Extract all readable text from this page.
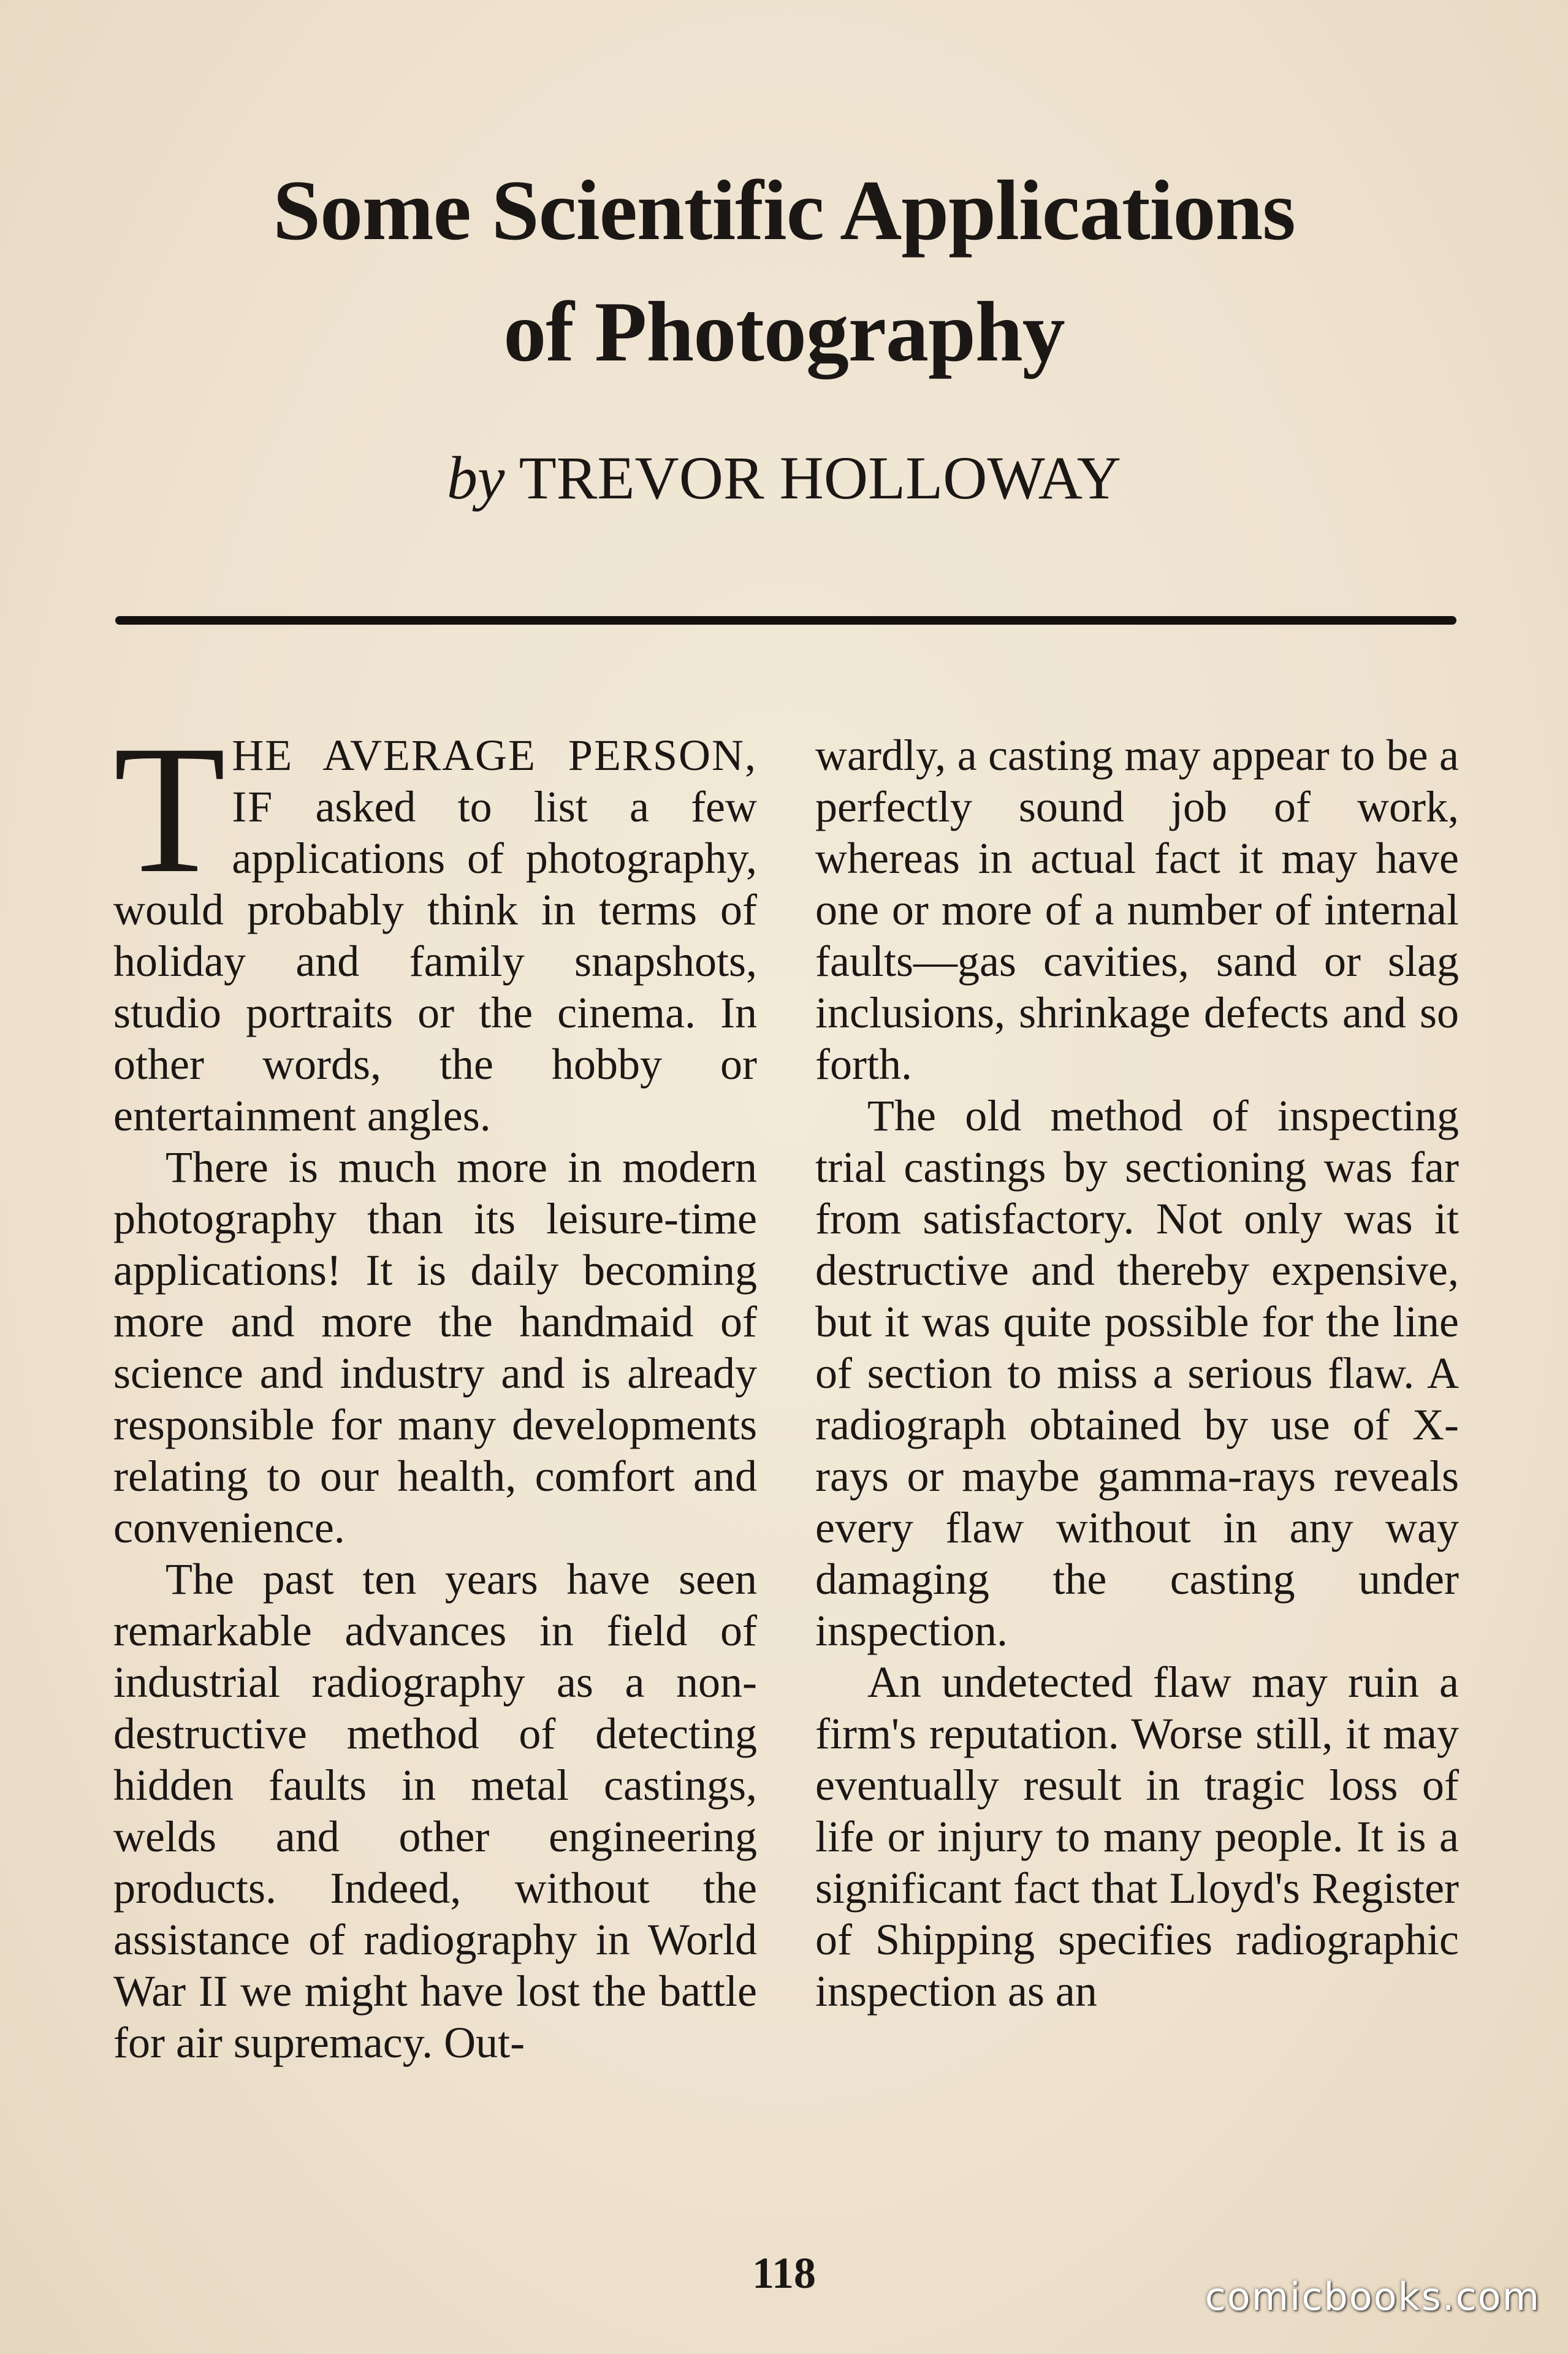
Some Scientific Applications
of Photography
by TREVOR HOLLOWAY

THE AVERAGE PERSON, IF asked to list a few applications of photography, would probably think in terms of holiday and family snapshots, studio portraits or the cinema. In other words, the hobby or entertainment angles.

There is much more in modern photography than its leisure-time applications! It is daily becoming more and more the handmaid of science and industry and is already responsible for many developments relating to our health, comfort and convenience.

The past ten years have seen remarkable advances in field of industrial radiography as a non-destructive method of detecting hidden faults in metal castings, welds and other engineering products. Indeed, without the assistance of radiography in World War II we might have lost the battle for air supremacy. Out-

wardly, a casting may appear to be a perfectly sound job of work, whereas in actual fact it may have one or more of a number of internal faults—gas cavities, sand or slag inclusions, shrinkage defects and so forth.

The old method of inspecting trial castings by sectioning was far from satisfactory. Not only was it destructive and thereby expensive, but it was quite possible for the line of section to miss a serious flaw. A radiograph obtained by use of X-rays or maybe gamma-rays reveals every flaw without in any way damaging the casting under inspection.

An undetected flaw may ruin a firm's reputation. Worse still, it may eventually result in tragic loss of life or injury to many people. It is a significant fact that Lloyd's Register of Shipping specifies radiographic inspection as an

118	comicbooks.com
